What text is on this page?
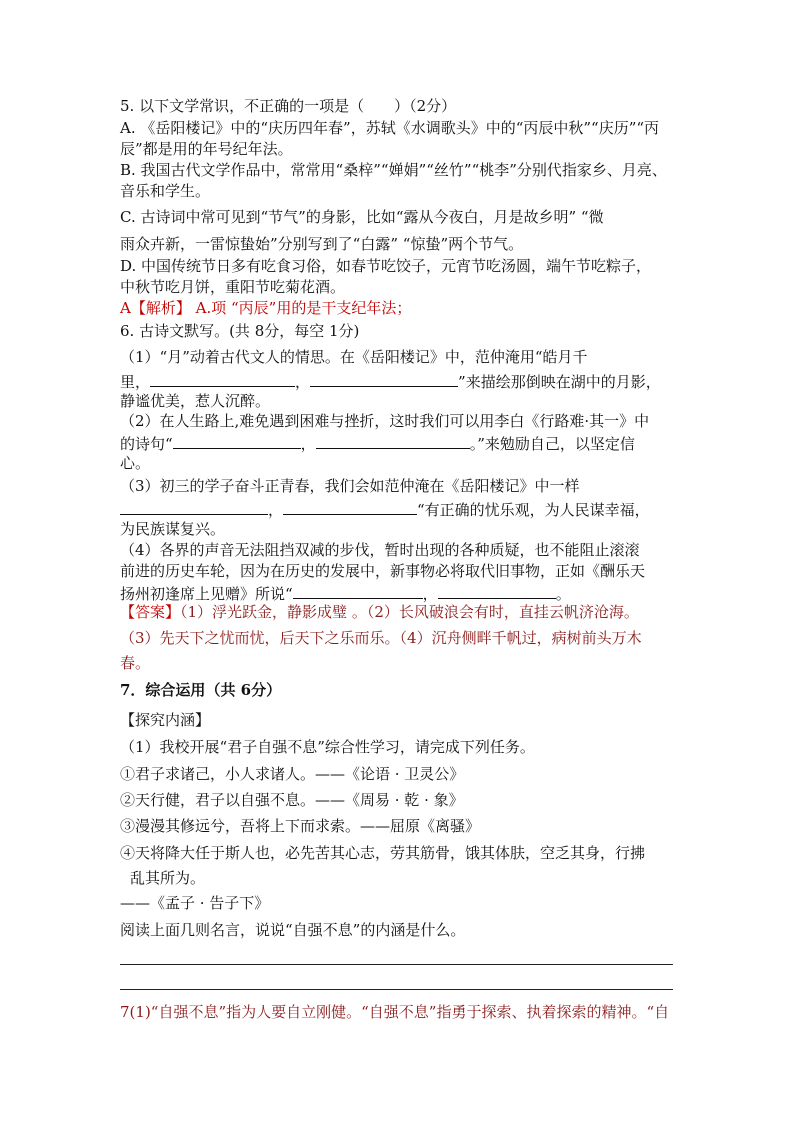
5. 以下文学常识，不正确的一项是（　　）（2分）
A. 《岳阳楼记》中的“庆历四年春”，苏轼《水调歌头》中的“丙辰中秋”“庆历”“丙
辰”都是用的年号纪年法。
B. 我国古代文学作品中，常常用“桑梓”“婵娟”“丝竹”“桃李”分别代指家乡、月亮、
音乐和学生。
C. 古诗词中常可见到“节气”的身影，比如“露从今夜白，月是故乡明” “微
雨众卉新，一雷惊蛰始”分别写到了“白露” “惊蛰”两个节气。
D. 中国传统节日多有吃食习俗，如春节吃饺子，元宵节吃汤圆，端午节吃粽子，
中秋节吃月饼，重阳节吃菊花酒。
A【解析】 A.项 “丙辰”用的是干支纪年法；
6. 古诗文默写。(共 8分，每空 1分)
（1）“月”动着古代文人的情思。在《岳阳楼记》中，范仲淹用“皓月千
里，	，	”来描绘那倒映在湖中的月影，
静谧优美，惹人沉醉。
（2）在人生路上,难免遇到困难与挫折，这时我们可以用李白《行路难·其一》中
的诗句“	，	。”来勉励自己，以坚定信
心。
（3）初三的学子奋斗正青春，我们会如范仲淹在《岳阳楼记》中一样
，	“有正确的忧乐观，为人民谋幸福，
为民族谋复兴。
（4）各界的声音无法阻挡双减的步伐，暂时出现的各种质疑，也不能阻止滚滚
前进的历史车轮，因为在历史的发展中，新事物必将取代旧事物，正如《酬乐天
扬州初逢席上见赠》所说“	，	。
【答案】（1）浮光跃金，静影成璧 。（2）长风破浪会有时，直挂云帆济沧海。
（3）先天下之忧而忧，后天下之乐而乐。（4）沉舟侧畔千帆过，病树前头万木
春。
7．综合运用（共 6分）
【探究内涵】
（1）我校开展“君子自强不息”综合性学习，请完成下列任务。
①君子求诸己，小人求诸人。——《论语 · 卫灵公》
②天行健，君子以自强不息。——《周易 · 乾 · 象》
③漫漫其修远兮，吾将上下而求索。——屈原《离骚》
④天将降大任于斯人也，必先苦其心志，劳其筋骨，饿其体肤，空乏其身，行拂
乱其所为。
——《孟子 · 告子下》
阅读上面几则名言，说说“自强不息”的内涵是什么。
7(1)“自强不息”指为人要自立刚健。“自强不息”指勇于探索、执着探索的精神。“自
